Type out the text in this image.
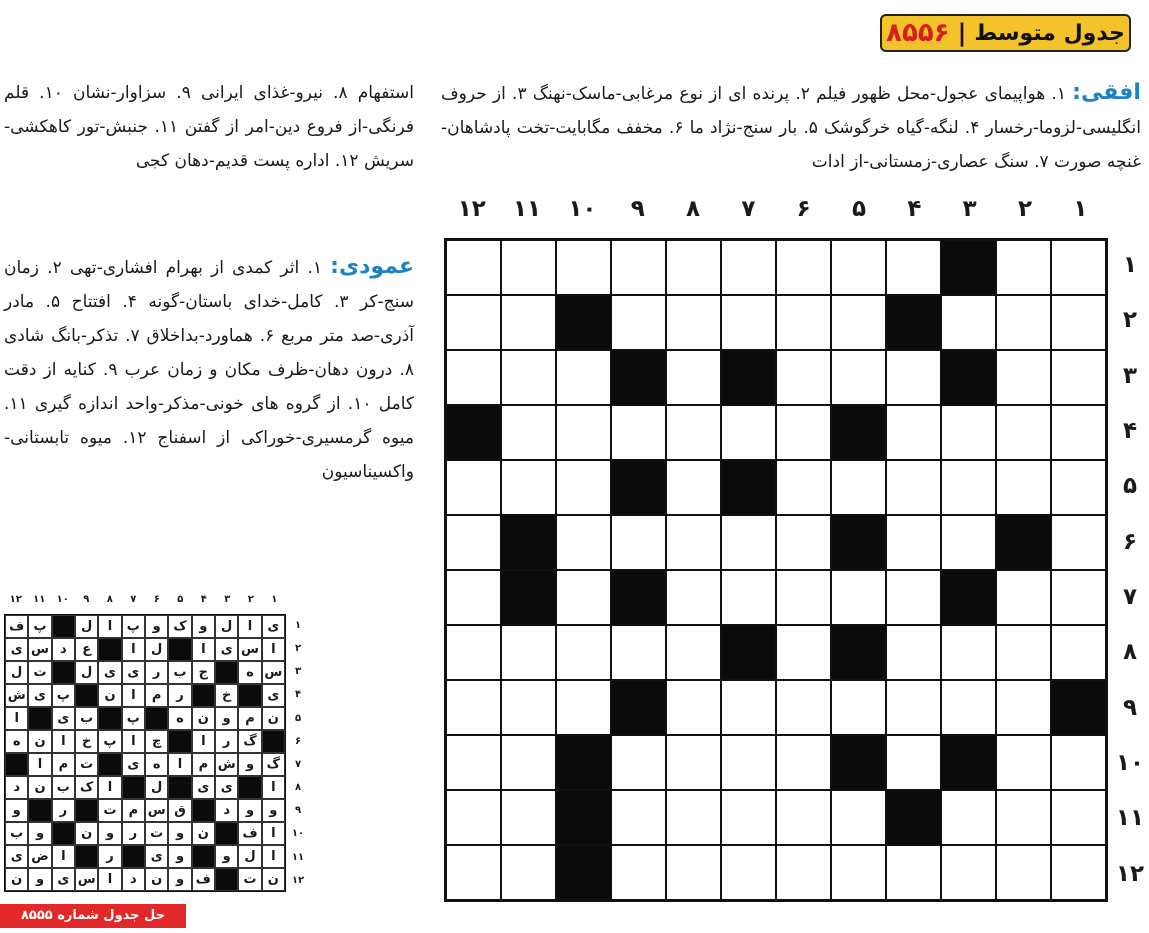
جدول متوسط
|
۸۵۵۶
افقی: ۱. هواپیمای عجول-محل ظهور فیلم ۲. پرنده ای از نوع مرغابی-ماسک-نهنگ ۳. از حروف انگلیسی-لزوما-رخسار ۴. لنگه-گیاه خرگوشک ۵. بار سنج-نژاد ما ۶. مخفف مگابایت-تخت پادشاهان-غنچه صورت ۷. سنگ عصاری-زمستانی-از ادات
استفهام ۸. نیرو-غذای ایرانی ۹. سزاوار-نشان ۱۰. قلم فرنگی-از فروع دین-امر از گفتن ۱۱. جنبش-تور کاهکشی-سریش ۱۲. اداره پست قدیم-دهان کجی
عمودی: ۱. اثر کمدی از بهرام افشاری-تهی ۲. زمان سنج-کر ۳. کامل-خدای باستان-گونه ۴. افتتاح ۵. مادر آذری-صد متر مربع ۶. هماورد-بداخلاق ۷. تذکر-بانگ شادی ۸. درون دهان-ظرف مکان و زمان عرب ۹. کنایه از دقت کامل ۱۰. از گروه های خونی-مذکر-واحد اندازه گیری ۱۱. میوه گرمسیری-خوراکی از اسفناج ۱۲. میوه تابستانی-واکسیناسیون
۱
۲
۳
۴
۵
۶
۷
۸
۹
۱۰
۱۱
۱۲
۱
۲
۳
۴
۵
۶
۷
۸
۹
۱۰
۱۱
۱۲
۱
۲
۳
۴
۵
۶
۷
۸
۹
۱۰
۱۱
۱۲
ی
ا
ل
و
ک
و
پ
ا
ل
پ
ف
ا
س
ی
ا
ل
ا
ع
د
س
ی
س
ه
ج
ب
ر
ی
ی
ل
ت
ل
ی
خ
ر
م
ا
ن
پ
ی
ش
ن
م
و
ن
ه
پ
ب
ی
ا
گ
ر
ا
چ
ا
پ
خ
ا
ن
ه
گ
و
ش
م
ا
ه
ی
ت
م
ا
ا
ی
ی
ل
ا
ک
ب
ن
د
و
و
د
ق
س
م
ت
ر
و
ا
ف
ن
و
ت
ر
و
ن
و
ب
ا
ل
و
و
ی
ر
ا
ض
ی
ن
ت
ف
و
ن
د
ا
س
ی
و
ن
۱
۲
۳
۴
۵
۶
۷
۸
۹
۱۰
۱۱
۱۲
حل جدول شماره ۸۵۵۵
